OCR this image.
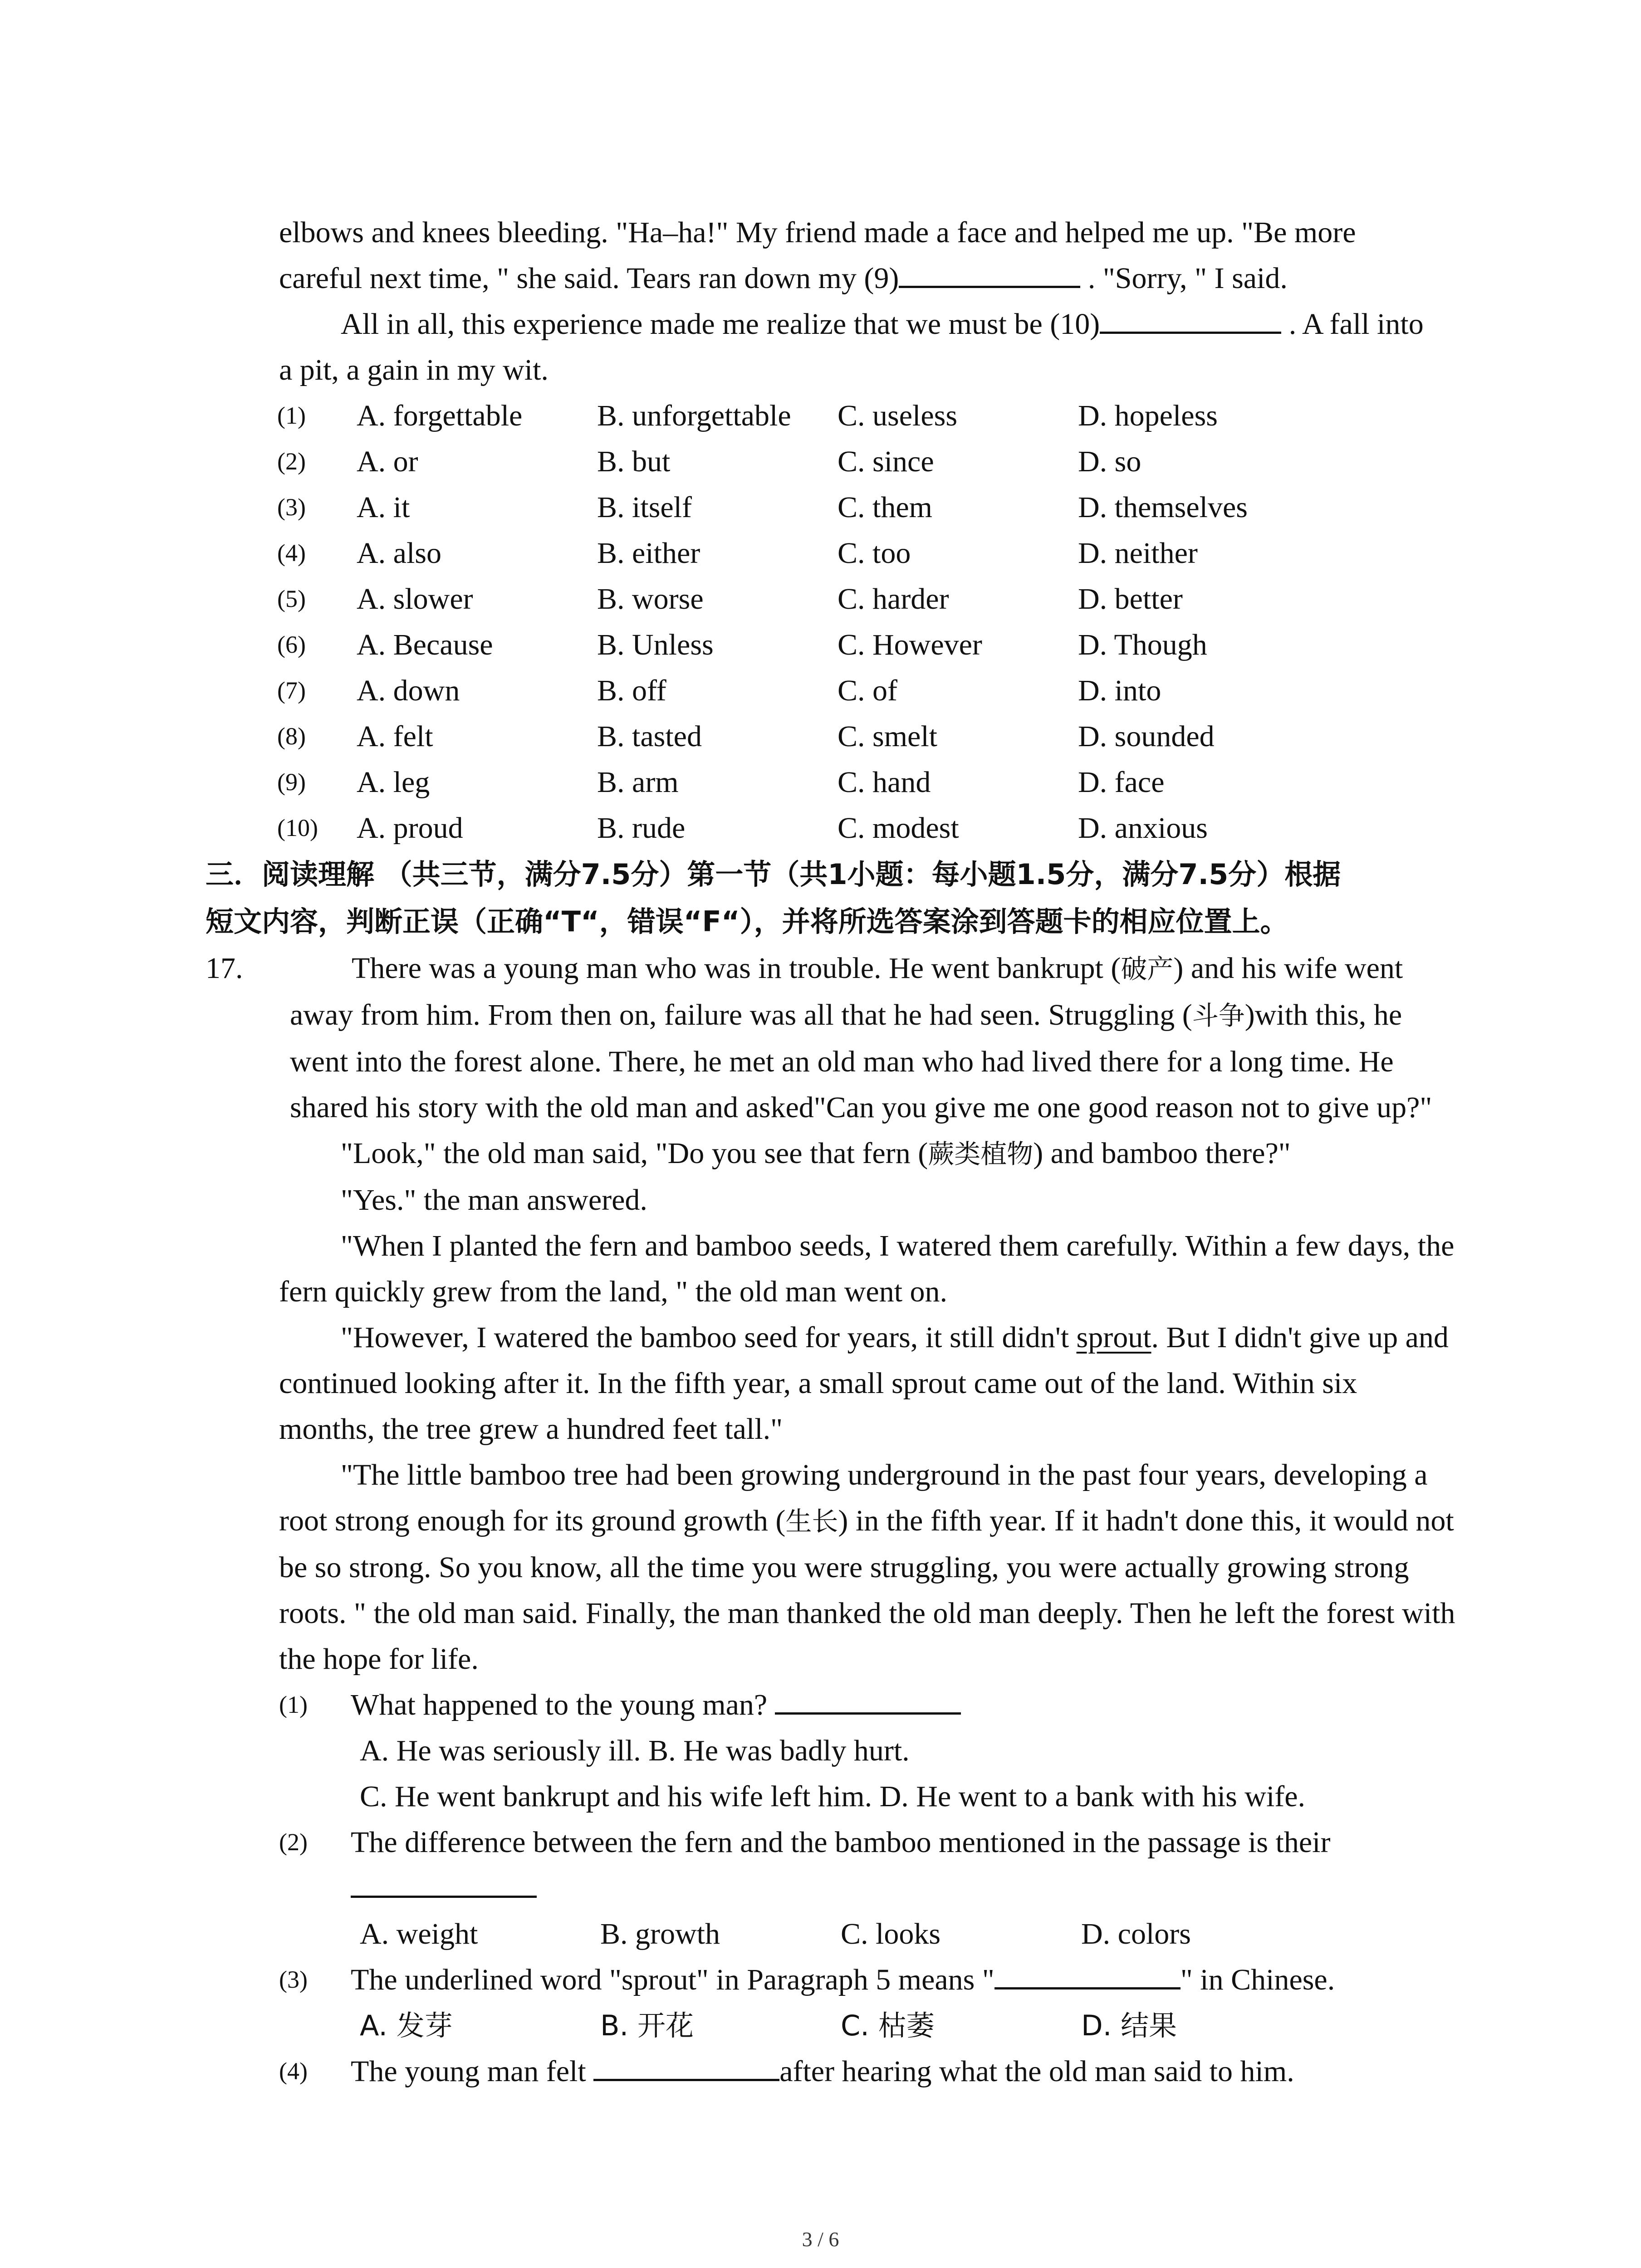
elbows and knees bleeding. "Ha–ha!" My friend made a face and helped me up. "Be more

careful next time, " she said. Tears ran down my (9)	. "Sorry, " I said.

All in all, this experience made me realize that we must be (10)	. A fall into

a pit, a gain in my wit.

(1)	A. forgettable	B. unforgettable	C. useless	D. hopeless
(2)	A. or	B. but	C. since	D. so
(3)	A. it	B. itself	C. them	D. themselves
(4)	A. also	B. either	C. too	D. neither
(5)	A. slower	B. worse	C. harder	D. better
(6)	A. Because	B. Unless	C. However	D. Though
(7)	A. down	B. off	C. of	D. into
(8)	A. felt	B. tasted	C. smelt	D. sounded
(9)	A. leg	B. arm	C. hand	D. face
(10)	A. proud	B. rude	C. modest	D. anxious
三．阅读理解 （共三节，满分7.5分）第一节（共1小题：每小题1.5分，满分7.5分）根据
短文内容，判断正误（正确“T“，错误“F“），并将所选答案涂到答题卡的相应位置上。
17.	There was a young man who was in trouble. He went bankrupt (破产) and his wife went away from him. From then on, failure was all that he had seen. Struggling (斗争)with this, he went into the forest alone. There, he met an old man who had lived there for a long time. He shared his story with the old man and asked"Can you give me one good reason not to give up?"

"Look," the old man said, "Do you see that fern (蕨类植物) and bamboo there?"

"Yes." the man answered.

"When I planted the fern and bamboo seeds, I watered them carefully. Within a few days, the fern quickly grew from the land, " the old man went on.

"However, I watered the bamboo seed for years, it still didn't sprout. But I didn't give up and continued looking after it. In the fifth year, a small sprout came out of the land. Within six months, the tree grew a hundred feet tall."

"The little bamboo tree had been growing underground in the past four years, developing a root strong enough for its ground growth (生长) in the fifth year. If it hadn't done this, it would not be so strong. So you know, all the time you were struggling, you were actually growing strong roots. " the old man said. Finally, the man thanked the old man deeply. Then he left the forest with the hope for life.

(1)	What happened to the young man?

A. He was seriously ill. B. He was badly hurt.

C. He went bankrupt and his wife left him. D. He went to a bank with his wife.

(2)	The difference between the fern and the bamboo mentioned in the passage is their
A. weight	B. growth	C. looks	D. colors
(3)	The underlined word "sprout" in Paragraph 5 means "	" in Chinese.
A. 发芽	B. 开花	C. 枯萎	D. 结果
(4)	The young man felt	after hearing what the old man said to him.
3 / 6
